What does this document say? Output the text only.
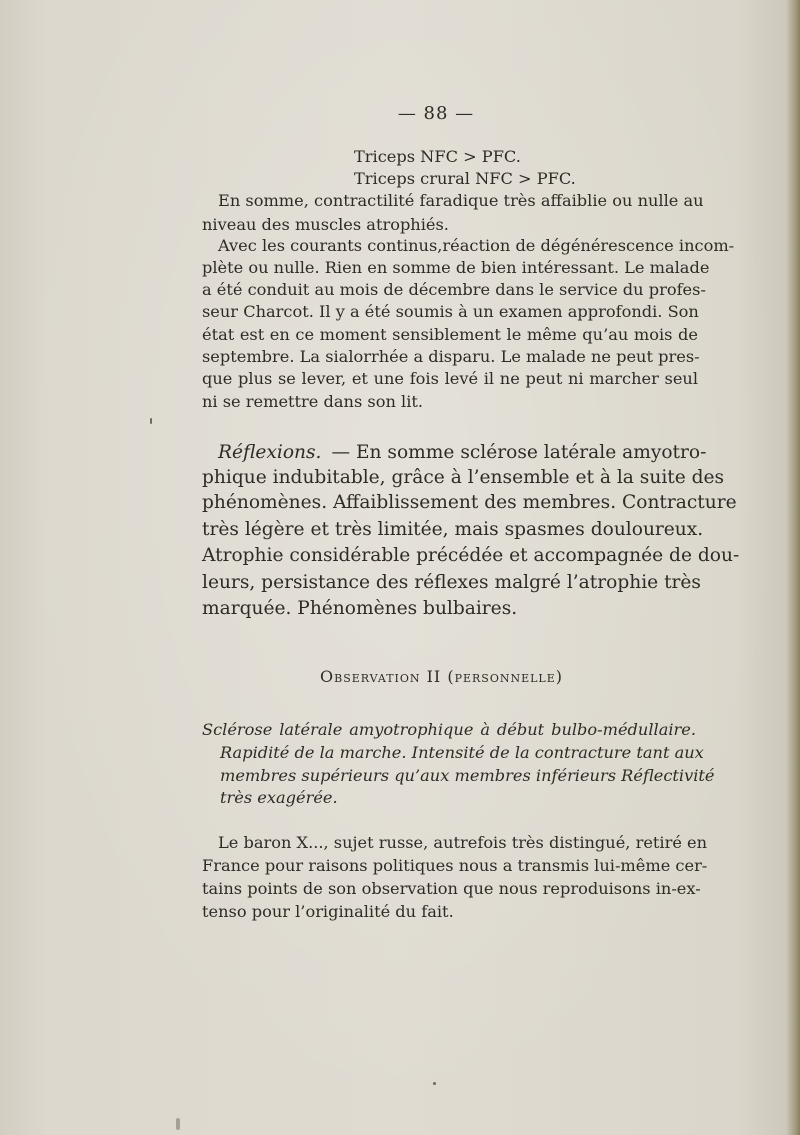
— 88 —
Triceps NFC > PFC.
Triceps crural NFC > PFC.
En somme, contractilité faradique très affaiblie ou nulle au
niveau des muscles atrophiés.
Avec les courants continus,réaction de dégénérescence incom-
plète ou nulle. Rien en somme de bien intéressant. Le malade
a été conduit au mois de décembre dans le service du profes-
seur Charcot. Il y a été soumis à un examen approfondi. Son
état est en ce moment sensiblement le même qu’au mois de
septembre. La sialorrhée a disparu. Le malade ne peut pres-
que plus se lever, et une fois levé il ne peut ni marcher seul
ni se remettre dans son lit.
Réflexions. — En somme sclérose latérale amyotro-
phique indubitable, grâce à l’ensemble et à la suite des
phénomènes. Affaiblissement des membres. Contracture
très légère et très limitée, mais spasmes douloureux.
Atrophie considérable précédée et accompagnée de dou-
leurs, persistance des réflexes malgré l’atrophie très
marquée. Phénomènes bulbaires.
Observation II (personnelle)
Sclérose latérale amyotrophique à début bulbo-médullaire.
Rapidité de la marche. Intensité de la contracture tant aux
membres supérieurs qu’aux membres inférieurs Réflectivité
très exagérée.
Le baron X..., sujet russe, autrefois très distingué, retiré en
France pour raisons politiques nous a transmis lui-même cer-
tains points de son observation que nous reproduisons in-ex-
tenso pour l’originalité du fait.
